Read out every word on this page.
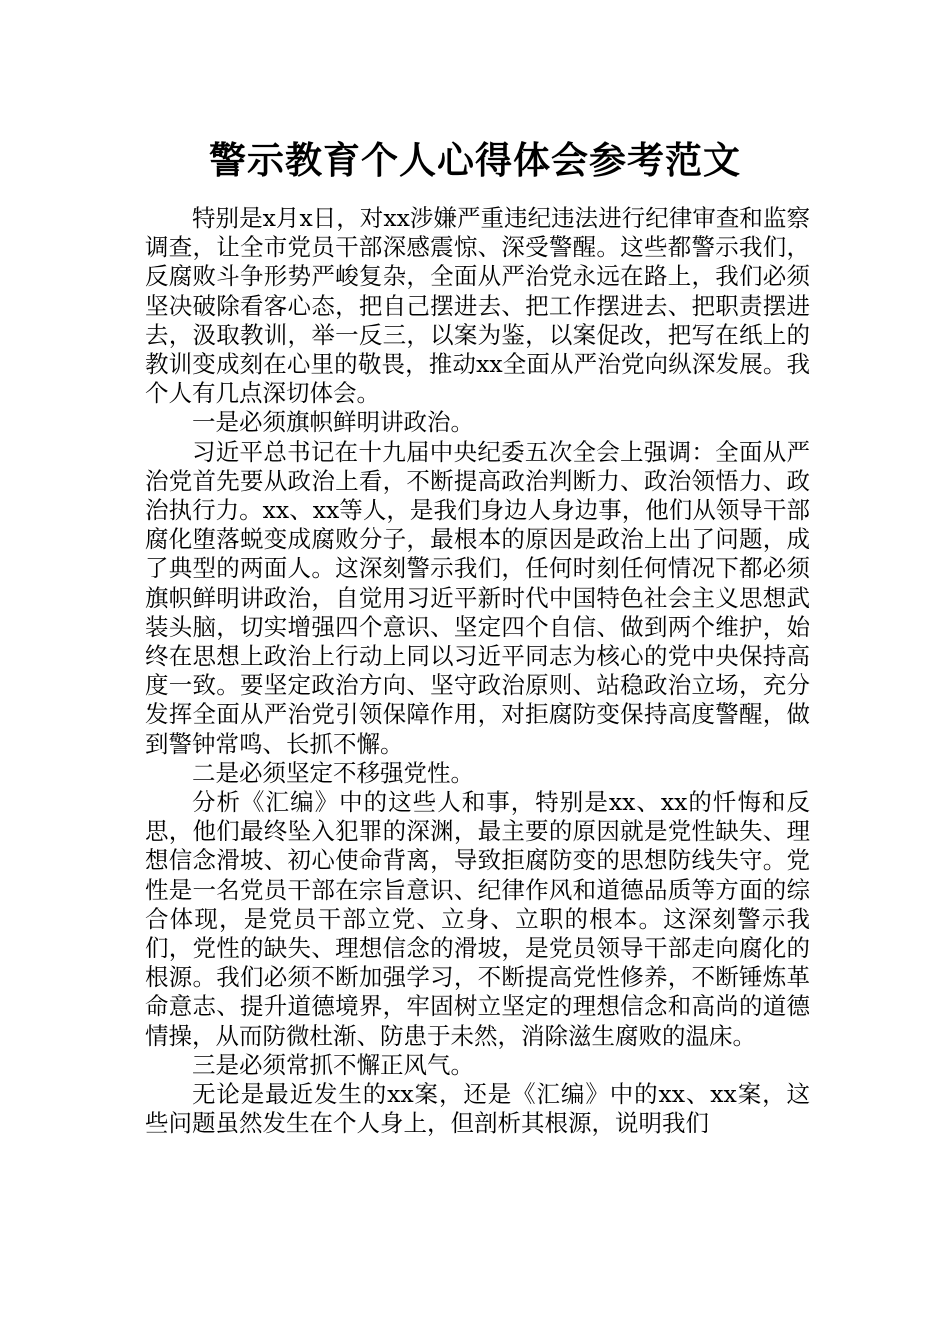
警示教育个人心得体会参考范文

特别是x月x日，对xx涉嫌严重违纪违法进行纪律审查和监察调查，让全市党员干部深感震惊、深受警醒。这些都警示我们，反腐败斗争形势严峻复杂，全面从严治党永远在路上，我们必须坚决破除看客心态，把自己摆进去、把工作摆进去、把职责摆进去，汲取教训，举一反三，以案为鉴，以案促改，把写在纸上的教训变成刻在心里的敬畏，推动xx全面从严治党向纵深发展。我个人有几点深切体会。

一是必须旗帜鲜明讲政治。

习近平总书记在十九届中央纪委五次全会上强调：全面从严治党首先要从政治上看，不断提高政治判断力、政治领悟力、政治执行力。xx、xx等人，是我们身边人身边事，他们从领导干部腐化堕落蜕变成腐败分子，最根本的原因是政治上出了问题，成了典型的两面人。这深刻警示我们，任何时刻任何情况下都必须旗帜鲜明讲政治，自觉用习近平新时代中国特色社会主义思想武装头脑，切实增强四个意识、坚定四个自信、做到两个维护，始终在思想上政治上行动上同以习近平同志为核心的党中央保持高度一致。要坚定政治方向、坚守政治原则、站稳政治立场，充分发挥全面从严治党引领保障作用，对拒腐防变保持高度警醒，做到警钟常鸣、长抓不懈。

二是必须坚定不移强党性。

分析《汇编》中的这些人和事，特别是xx、xx的忏悔和反思，他们最终坠入犯罪的深渊，最主要的原因就是党性缺失、理想信念滑坡、初心使命背离，导致拒腐防变的思想防线失守。党性是一名党员干部在宗旨意识、纪律作风和道德品质等方面的综合体现，是党员干部立党、立身、立职的根本。这深刻警示我们，党性的缺失、理想信念的滑坡，是党员领导干部走向腐化的根源。我们必须不断加强学习，不断提高党性修养，不断锤炼革命意志、提升道德境界，牢固树立坚定的理想信念和高尚的道德情操，从而防微杜渐、防患于未然，消除滋生腐败的温床。

三是必须常抓不懈正风气。

无论是最近发生的xx案，还是《汇编》中的xx、xx案，这些问题虽然发生在个人身上，但剖析其根源，说明我们
